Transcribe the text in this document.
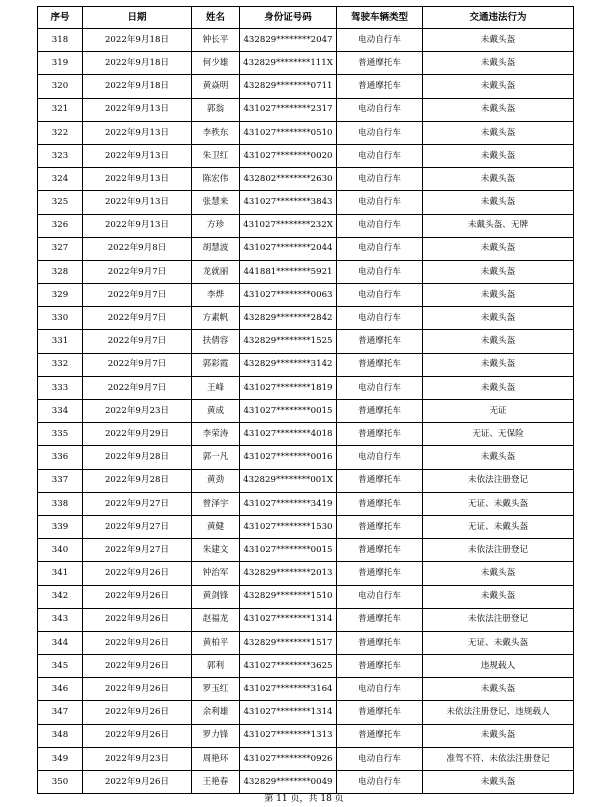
序号	日期	姓名	身份证号码	驾驶车辆类型	交通违法行为
318	2022年9月18日	钟长平	432829********2047	电动自行车	未戴头盔
319	2022年9月18日	何少雄	432829********111X	普通摩托车	未戴头盔
320	2022年9月18日	黄焱明	432829********0711	普通摩托车	未戴头盔
321	2022年9月13日	郭翁	431027********2317	电动自行车	未戴头盔
322	2022年9月13日	李秩东	431027********0510	电动自行车	未戴头盔
323	2022年9月13日	朱卫红	431027********0020	电动自行车	未戴头盔
324	2022年9月13日	陈宏伟	432802********2630	电动自行车	未戴头盔
325	2022年9月13日	张慧来	431027********3843	电动自行车	未戴头盔
326	2022年9月13日	方珍	431027********232X	电动自行车	未戴头盔、无牌
327	2022年9月8日	胡慧波	431027********2044	电动自行车	未戴头盔
328	2022年9月7日	龙就丽	441881********5921	电动自行车	未戴头盔
329	2022年9月7日	李烨	431027********0063	电动自行车	未戴头盔
330	2022年9月7日	方素帆	432829********2842	电动自行车	未戴头盔
331	2022年9月7日	扶倩容	432829********1525	普通摩托车	未戴头盔
332	2022年9月7日	郭彩霞	432829********3142	普通摩托车	未戴头盔
333	2022年9月7日	王峰	431027********1819	电动自行车	未戴头盔
334	2022年9月23日	黄成	431027********0015	普通摩托车	无证
335	2022年9月29日	李荣涛	431027********4018	普通摩托车	无证、无保险
336	2022年9月28日	郭一凡	431027********0016	电动自行车	未戴头盔
337	2022年9月28日	黄劲	432829********001X	普通摩托车	未依法注册登记
338	2022年9月27日	曾泽宇	431027********3419	普通摩托车	无证、未戴头盔
339	2022年9月27日	黄健	431027********1530	普通摩托车	无证、未戴头盔
340	2022年9月27日	朱建文	431027********0015	普通摩托车	未依法注册登记
341	2022年9月26日	钟治军	432829********2013	普通摩托车	未戴头盔
342	2022年9月26日	黄剑锋	432829********1510	电动自行车	未戴头盔
343	2022年9月26日	赵福龙	431027********1314	普通摩托车	未依法注册登记
344	2022年9月26日	黄柏平	432829********1517	普通摩托车	无证、未戴头盔
345	2022年9月26日	郭利	431027********3625	普通摩托车	违规载人
346	2022年9月26日	罗玉红	431027********3164	电动自行车	未戴头盔
347	2022年9月26日	余利雄	431027********1314	普通摩托车	未依法注册登记、违规载人
348	2022年9月26日	罗力锋	431027********1313	普通摩托车	未戴头盔
349	2022年9月23日	周艳环	431027********0926	电动自行车	准驾不符、未依法注册登记
350	2022年9月26日	王艳春	432829********0049	电动自行车	未戴头盔
第 11 页，共 18 页
